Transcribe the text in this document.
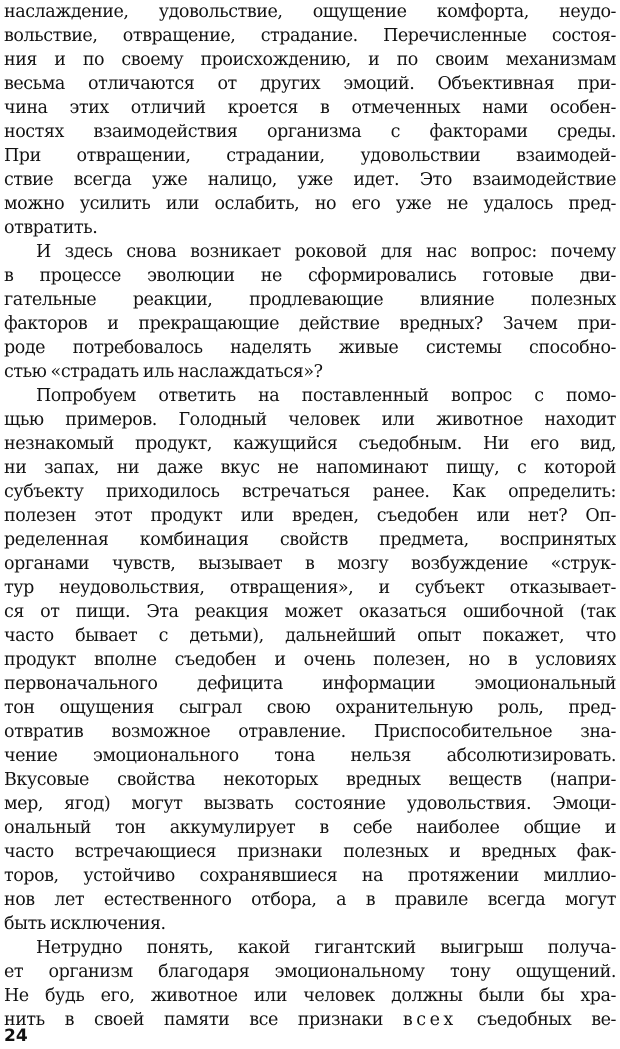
наслаждение, удовольствие, ощущение комфорта, неудо-
вольствие, отвращение, страдание. Перечисленные состоя-
ния и по своему происхождению, и по своим механизмам
весьма отличаются от других эмоций. Объективная при-
чина этих отличий кроется в отмеченных нами особен-
ностях взаимодействия организма с факторами среды.
При отвращении, страдании, удовольствии взаимодей-
ствие всегда уже налицо, уже идет. Это взаимодействие
можно усилить или ослабить, но его уже не удалось пред-
отвратить.
И здесь снова возникает роковой для нас вопрос: почему
в процессе эволюции не сформировались готовые дви-
гательные реакции, продлевающие влияние полезных
факторов и прекращающие действие вредных? Зачем при-
роде потребовалось наделять живые системы способно-
стью «страдать иль наслаждаться»?
Попробуем ответить на поставленный вопрос с помо-
щью примеров. Голодный человек или животное находит
незнакомый продукт, кажущийся съедобным. Ни его вид,
ни запах, ни даже вкус не напоминают пищу, с которой
субъекту приходилось встречаться ранее. Как определить:
полезен этот продукт или вреден, съедобен или нет? Оп-
ределенная комбинация свойств предмета, воспринятых
органами чувств, вызывает в мозгу возбуждение «струк-
тур неудовольствия, отвращения», и субъект отказывает-
ся от пищи. Эта реакция может оказаться ошибочной (так
часто бывает с детьми), дальнейший опыт покажет, что
продукт вполне съедобен и очень полезен, но в условиях
первоначального дефицита информации эмоциональный
тон ощущения сыграл свою охранительную роль, пред-
отвратив возможное отравление. Приспособительное зна-
чение эмоционального тона нельзя абсолютизировать.
Вкусовые свойства некоторых вредных веществ (напри-
мер, ягод) могут вызвать состояние удовольствия. Эмоци-
ональный тон аккумулирует в себе наиболее общие и
часто встречающиеся признаки полезных и вредных фак-
торов, устойчиво сохранявшиеся на протяжении миллио-
нов лет естественного отбора, а в правиле всегда могут
быть исключения.
Нетрудно понять, какой гигантский выигрыш получа-
ет организм благодаря эмоциональному тону ощущений.
Не будь его, животное или человек должны были бы хра-
нить в своей памяти все признаки всех съедобных ве-
24
